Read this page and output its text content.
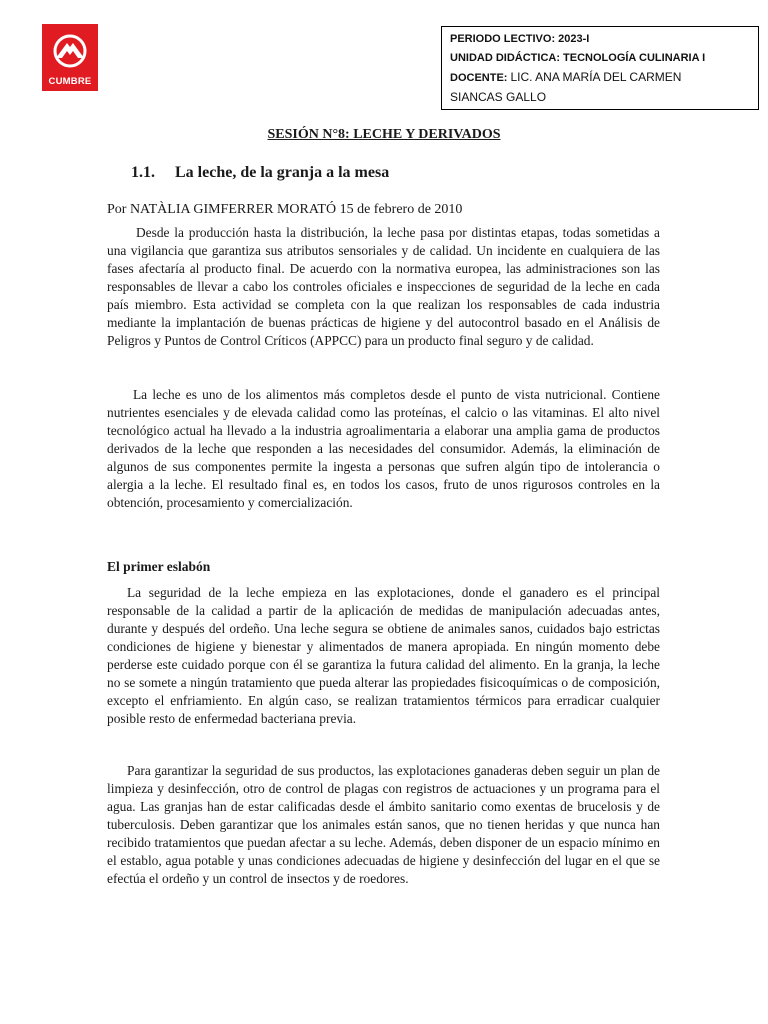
CUMBRE
PERIODO LECTIVO: 2023-I
UNIDAD DIDÁCTICA: TECNOLOGÍA CULINARIA I
DOCENTE: LIC. ANA MARÍA DEL CARMEN
SIANCAS GALLO
SESIÓN N°8: LECHE Y DERIVADOS
1.1. La leche, de la granja a la mesa
Por NATÀLIA GIMFERRER MORATÓ 15 de febrero de 2010

Desde la producción hasta la distribución, la leche pasa por distintas etapas, todas sometidas a una vigilancia que garantiza sus atributos sensoriales y de calidad. Un incidente en cualquiera de las fases afectaría al producto final. De acuerdo con la normativa europea, las administraciones son las responsables de llevar a cabo los controles oficiales e inspecciones de seguridad de la leche en cada país miembro. Esta actividad se completa con la que realizan los responsables de cada industria mediante la implantación de buenas prácticas de higiene y del autocontrol basado en el Análisis de Peligros y Puntos de Control Críticos (APPCC) para un producto final seguro y de calidad.

La leche es uno de los alimentos más completos desde el punto de vista nutricional. Contiene nutrientes esenciales y de elevada calidad como las proteínas, el calcio o las vitaminas. El alto nivel tecnológico actual ha llevado a la industria agroalimentaria a elaborar una amplia gama de productos derivados de la leche que responden a las necesidades del consumidor. Además, la eliminación de algunos de sus componentes permite la ingesta a personas que sufren algún tipo de intolerancia o alergia a la leche. El resultado final es, en todos los casos, fruto de unos rigurosos controles en la obtención, procesamiento y comercialización.

El primer eslabón

La seguridad de la leche empieza en las explotaciones, donde el ganadero es el principal responsable de la calidad a partir de la aplicación de medidas de manipulación adecuadas antes, durante y después del ordeño. Una leche segura se obtiene de animales sanos, cuidados bajo estrictas condiciones de higiene y bienestar y alimentados de manera apropiada. En ningún momento debe perderse este cuidado porque con él se garantiza la futura calidad del alimento. En la granja, la leche no se somete a ningún tratamiento que pueda alterar las propiedades fisicoquímicas o de composición, excepto el enfriamiento. En algún caso, se realizan tratamientos térmicos para erradicar cualquier posible resto de enfermedad bacteriana previa.

Para garantizar la seguridad de sus productos, las explotaciones ganaderas deben seguir un plan de limpieza y desinfección, otro de control de plagas con registros de actuaciones y un programa para el agua. Las granjas han de estar calificadas desde el ámbito sanitario como exentas de brucelosis y de tuberculosis. Deben garantizar que los animales están sanos, que no tienen heridas y que nunca han recibido tratamientos que puedan afectar a su leche. Además, deben disponer de un espacio mínimo en el establo, agua potable y unas condiciones adecuadas de higiene y desinfección del lugar en el que se efectúa el ordeño y un control de insectos y de roedores.
